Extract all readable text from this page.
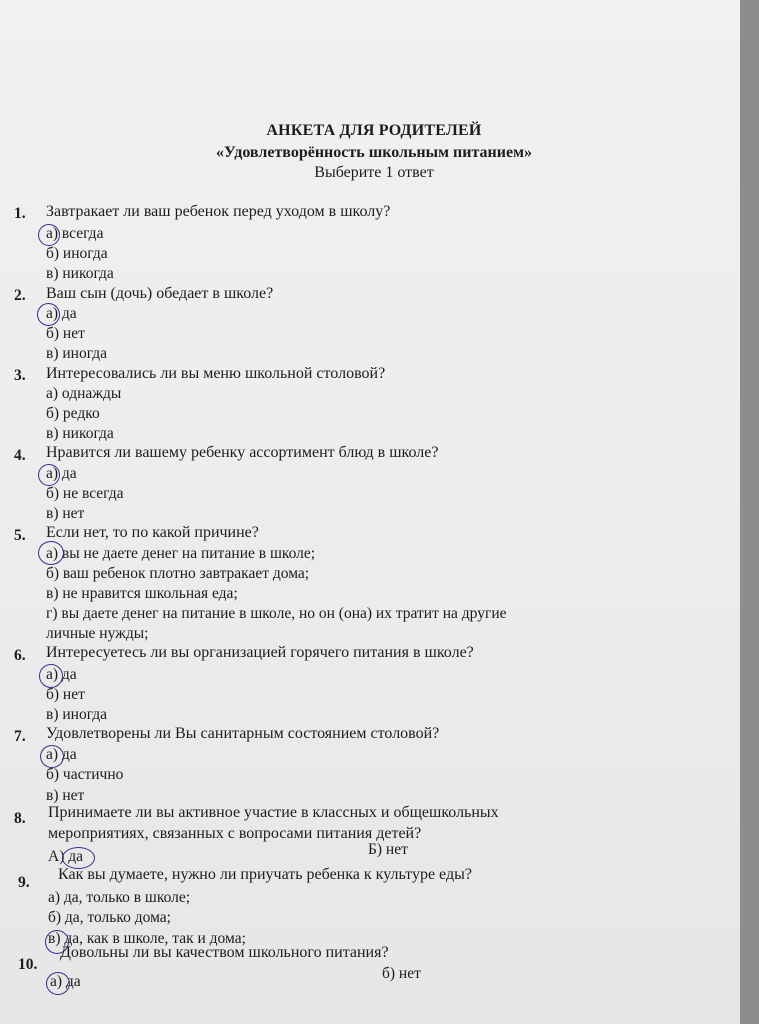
АНКЕТА ДЛЯ РОДИТЕЛЕЙ
«Удовлетворённость школьным питанием»
Выберите 1 ответ
1. Завтракает ли ваш ребенок перед уходом в школу?
а) всегда
б) иногда
в) никогда
2. Ваш сын (дочь) обедает в школе?
а) да
б) нет
в) иногда
3. Интересовались ли вы меню школьной столовой?
а) однажды
б) редко
в) никогда
4. Нравится ли вашему ребенку ассортимент блюд в школе?
а) да
б) не всегда
в) нет
5. Если нет, то по какой причине?
а) вы не даете денег на питание в школе;
б) ваш ребенок плотно завтракает дома;
в) не нравится школьная еда;
г) вы даете денег на питание в школе, но он (она) их тратит на другие
личные нужды;
6. Интересуетесь ли вы организацией горячего питания в школе?
а) да
б) нет
в) иногда
7. Удовлетворены ли Вы санитарным состоянием столовой?
а) да
б) частично
в) нет
8. Принимаете ли вы активное участие в классных и общешкольных
мероприятиях, связанных с вопросами питания детей?
А) да	Б) нет
9. Как вы думаете, нужно ли приучать ребенка к культуре еды?
а) да, только в школе;
б) да, только дома;
в) да, как в школе, так и дома;
10.
Довольны ли вы качеством школьного питания?
а) да	б) нет
